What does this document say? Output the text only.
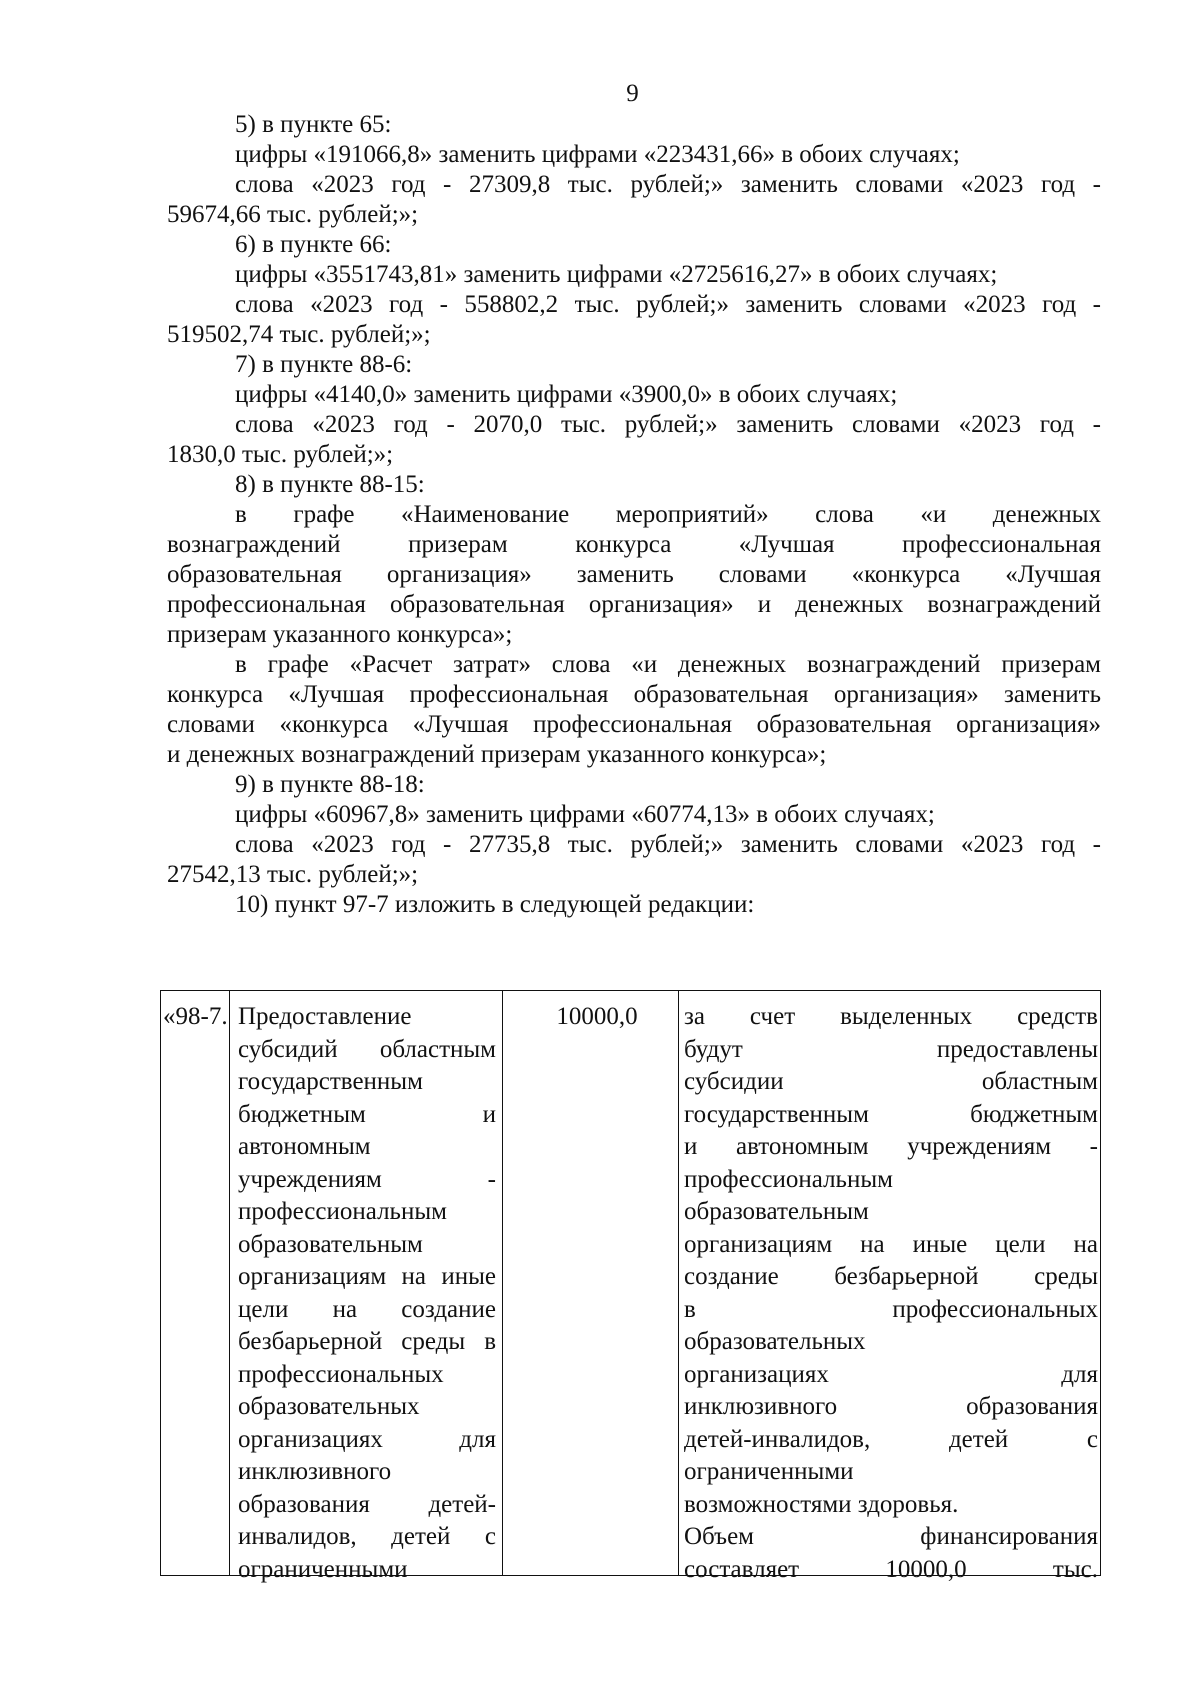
9
5) в пункте 65:
цифры «191066,8» заменить цифрами «223431,66» в обоих случаях;
слова «2023 год - 27309,8 тыс. рублей;» заменить словами «2023 год -
59674,66 тыс. рублей;»;
6) в пункте 66:
цифры «3551743,81» заменить цифрами «2725616,27» в обоих случаях;
слова «2023 год - 558802,2 тыс. рублей;» заменить словами «2023 год -
519502,74 тыс. рублей;»;
7) в пункте 88-6:
цифры «4140,0» заменить цифрами «3900,0» в обоих случаях;
слова «2023 год - 2070,0 тыс. рублей;» заменить словами «2023 год -
1830,0 тыс. рублей;»;
8) в пункте 88-15:
в графе «Наименование мероприятий» слова «и денежных
вознаграждений призерам конкурса «Лучшая профессиональная
образовательная организация» заменить словами «конкурса «Лучшая
профессиональная образовательная организация» и денежных вознаграждений
призерам указанного конкурса»;
в графе «Расчет затрат» слова «и денежных вознаграждений призерам
конкурса «Лучшая профессиональная образовательная организация» заменить
словами «конкурса «Лучшая профессиональная образовательная организация»
и денежных вознаграждений призерам указанного конкурса»;
9) в пункте 88-18:
цифры «60967,8» заменить цифрами «60774,13» в обоих случаях;
слова «2023 год - 27735,8 тыс. рублей;» заменить словами «2023 год -
27542,13 тыс. рублей;»;
10) пункт 97-7 изложить в следующей редакции:
«98-7. Предоставление
субсидий областным
государственным
бюджетным и
автономным
учреждениям -
профессиональным
образовательным
организациям на иные
цели на создание
безбарьерной среды в
профессиональных
образовательных
организациях для
инклюзивного
образования детей-
инвалидов, детей с
ограниченными
10000,0	за счет выделенных средств
будут предоставлены
субсидии областным
государственным бюджетным
и автономным учреждениям -
профессиональным
образовательным
организациям на иные цели на
создание безбарьерной среды
в профессиональных
образовательных
организациях для
инклюзивного образования
детей-инвалидов, детей с
ограниченными
возможностями здоровья.
Объем финансирования
составляет 10000,0 тыс.
